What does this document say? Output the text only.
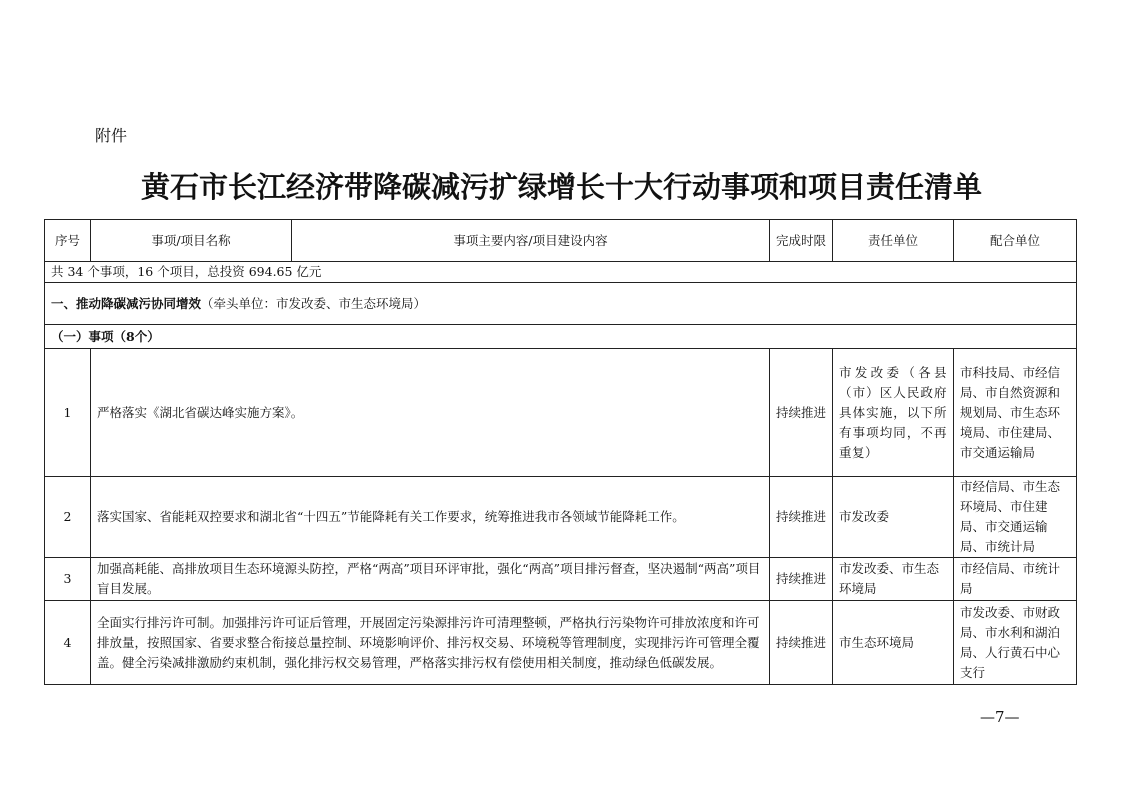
附件
黄石市长江经济带降碳减污扩绿增长十大行动事项和项目责任清单
序号	事项/项目名称	事项主要内容/项目建设内容	完成时限	责任单位	配合单位
共 34 个事项，16 个项目，总投资 694.65 亿元					
一、推动降碳减污协同增效（牵头单位：市发改委、市生态环境局）					
（一）事项（8个）					
1	严格落实《湖北省碳达峰实施方案》。		持续推进	市发改委（各县（市）区人民政府具体实施，以下所有事项均同，不再重复）	市科技局、市经信局、市自然资源和规划局、市生态环境局、市住建局、市交通运输局
2	落实国家、省能耗双控要求和湖北省“十四五”节能降耗有关工作要求，统筹推进我市各领域节能降耗工作。		持续推进	市发改委	市经信局、市生态环境局、市住建局、市交通运输局、市统计局
3	加强高耗能、高排放项目生态环境源头防控，严格“两高”项目环评审批，强化“两高”项目排污督查，坚决遏制“两高”项目盲目发展。		持续推进	市发改委、市生态环境局	市经信局、市统计局
4	全面实行排污许可制。加强排污许可证后管理，开展固定污染源排污许可清理整顿，严格执行污染物许可排放浓度和许可排放量，按照国家、省要求整合衔接总量控制、环境影响评价、排污权交易、环境税等管理制度，实现排污许可管理全覆盖。健全污染减排激励约束机制，强化排污权交易管理，严格落实排污权有偿使用相关制度，推动绿色低碳发展。		持续推进	市生态环境局	市发改委、市财政局、市水利和湖泊局、人行黄石中心支行
—7—
